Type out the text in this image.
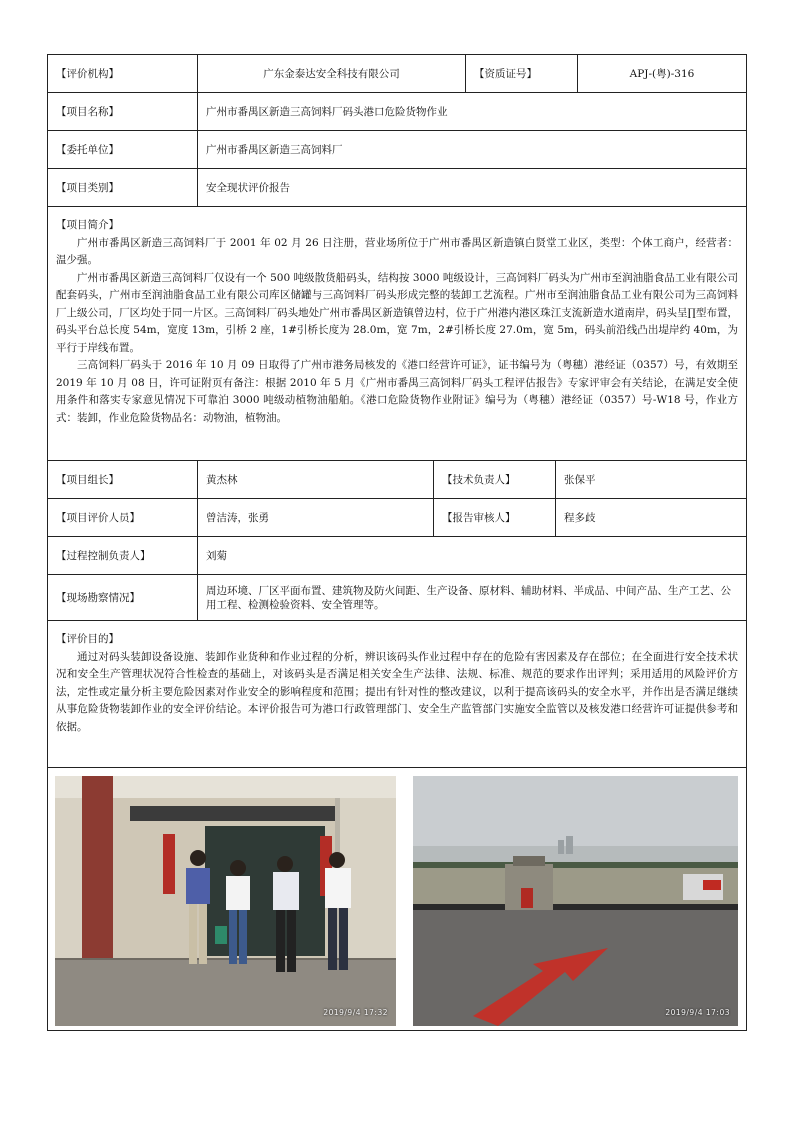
【评价机构】	广东金泰达安全科技有限公司	【资质证号】	APJ-(粤)-316
【项目名称】	广州市番禺区新造三高饲料厂码头港口危险货物作业		
【委托单位】	广州市番禺区新造三高饲料厂		
【项目类别】	安全现状评价报告		

【项目简介】

广州市番禺区新造三高饲料厂于 2001 年 02 月 26 日注册，营业场所位于广州市番禺区新造镇白贤堂工业区，类型：个体工商户，经营者：温少强。

广州市番禺区新造三高饲料厂仅设有一个 500 吨级散货船码头，结构按 3000 吨级设计，三高饲料厂码头为广州市至润油脂食品工业有限公司配套码头，广州市至润油脂食品工业有限公司库区储罐与三高饲料厂码头形成完整的装卸工艺流程。广州市至润油脂食品工业有限公司为三高饲料厂上级公司，厂区均处于同一片区。三高饲料厂码头地处广州市番禺区新造镇曾边村，位于广州港内港区珠江支流新造水道南岸，码头呈∏型布置，码头平台总长度 54m，宽度 13m，引桥 2 座，1#引桥长度为 28.0m，宽 7m，2#引桥长度 27.0m，宽 5m，码头前沿线凸出堤岸约 40m，为平行于岸线布置。

三高饲料厂码头于 2016 年 10 月 09 日取得了广州市港务局核发的《港口经营许可证》，证书编号为（粤穗）港经证（0357）号，有效期至 2019 年 10 月 08 日，许可证附页有备注：根据 2010 年 5 月《广州市番禺三高饲料厂码头工程评估报告》专家评审会有关结论，在满足安全使用条件和落实专家意见情况下可靠泊 3000 吨级动植物油船舶。《港口危险货物作业附证》编号为（粤穗）港经证（0357）号-W18 号，作业方式：装卸，作业危险货物品名：动物油，植物油。			

【项目组长】	黄杰林	【技术负责人】	张保平
【项目评价人员】	曾洁涛，张勇	【报告审核人】	程多歧
【过程控制负责人】	刘菊		
【现场勘察情况】	周边环境、厂区平面布置、建筑物及防火间距、生产设备、原材料、辅助材料、半成品、中间产品、生产工艺、公用工程、检测检验资料、安全管理等。		

【评价目的】

通过对码头装卸设备设施、装卸作业货种和作业过程的分析，辨识该码头作业过程中存在的危险有害因素及存在部位；在全面进行安全技术状况和安全生产管理状况符合性检查的基础上，对该码头是否满足相关安全生产法律、法规、标准、规范的要求作出评判；采用适用的风险评价方法，定性或定量分析主要危险因素对作业安全的影响程度和范围；提出有针对性的整改建议，以利于提高该码头的安全水平，并作出是否满足继续从事危险货物装卸作业的安全评价结论。本评价报告可为港口行政管理部门、安全生产监管部门实施安全监管以及核发港口经营许可证提供参考和依据。			

2019/9/4 17:32 2019/9/4 17:03			
